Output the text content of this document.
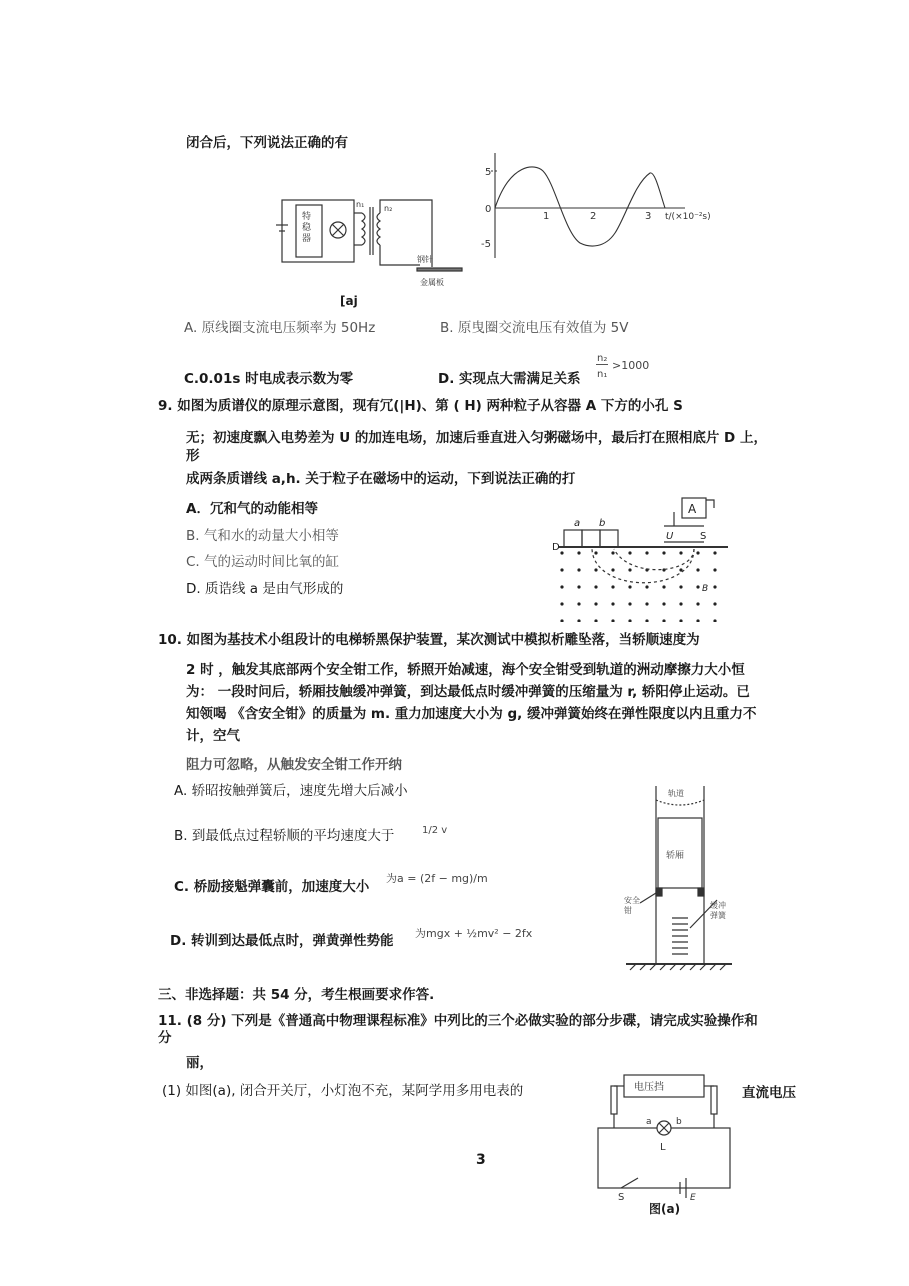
闭合后，下列说法正确的有
特稳器
n₁ n₂
钢针
金属板
5
0
-5
1	2	3 t/(×10⁻²s)
[aj
A. 原线圈支流电压频率为 50Hz	B. 原曳圈交流电压有效值为 5V
C.0.01s 时电成表示数为零	D. 实现点大需满足关系
n₂
n₁
>1000
9. 如图为质谱仪的原理示意图，现有冗(|H)、第 ( H) 两种粒子从容器 A 下方的小孔 S
无；初速度飘入电势差为 U 的加连电场，加速后垂直进入匀粥磁场中，最后打在照相底片 D 上，
形
成两条质谱线 a,h. 关于粒子在磁场中的运动，下到说法正确的打
A．冗和气的动能相等
B. 气和水的动量大小相等
C. 气的运动时间比氧的缸
D. 质诰线 a 是由气形成的
a b
A
U	S
D
B
10. 如图为基技术小组段计的电梯轿黑保护装置，某次测试中模拟析雕坠落，当轿顺速度为
2 时 ，触发其底部两个安全钳工作，轿照开始减速，海个安全钳受到轨道的洲动摩擦力大小恒
为： 一段时问后，轿厢技触缓冲弹簧，到达最低点时缓冲弹簧的压缩量为 r, 轿阳停止运动。已
知领喝 《含安全钳》的质量为 m. 重力加速度大小为 g, 缓冲弹簧始终在弹性限度以内且重力不
计，空气
阻力可忽略，从触发安全钳工作开纳
A. 轿昭按触弹簧后，速度先增大后减小
B. 到最低点过程轿顺的平均速度大于	1/2 v
C. 桥励接魁弹囊前，加速度大小
为a = (2f − mg)/m
D. 转训到达最低点时，弹黄弹性势能 为mgx + ½mv² − 2fx
轨道
轿厢
安全钳
缓冲弹簧
三、非选择题：共 54 分，考生根画要求作答.
11. (8 分) 下列是《普通高中物理课程标准》中列比的三个必做实验的部分步碟，请完成实验操作和
分
丽，
(1) 如图(a), 闭合开关厅，小灯泡不充，某阿学用多用电表的	直流电压
电压挡
a	b
L
S	E
图(a)
3
